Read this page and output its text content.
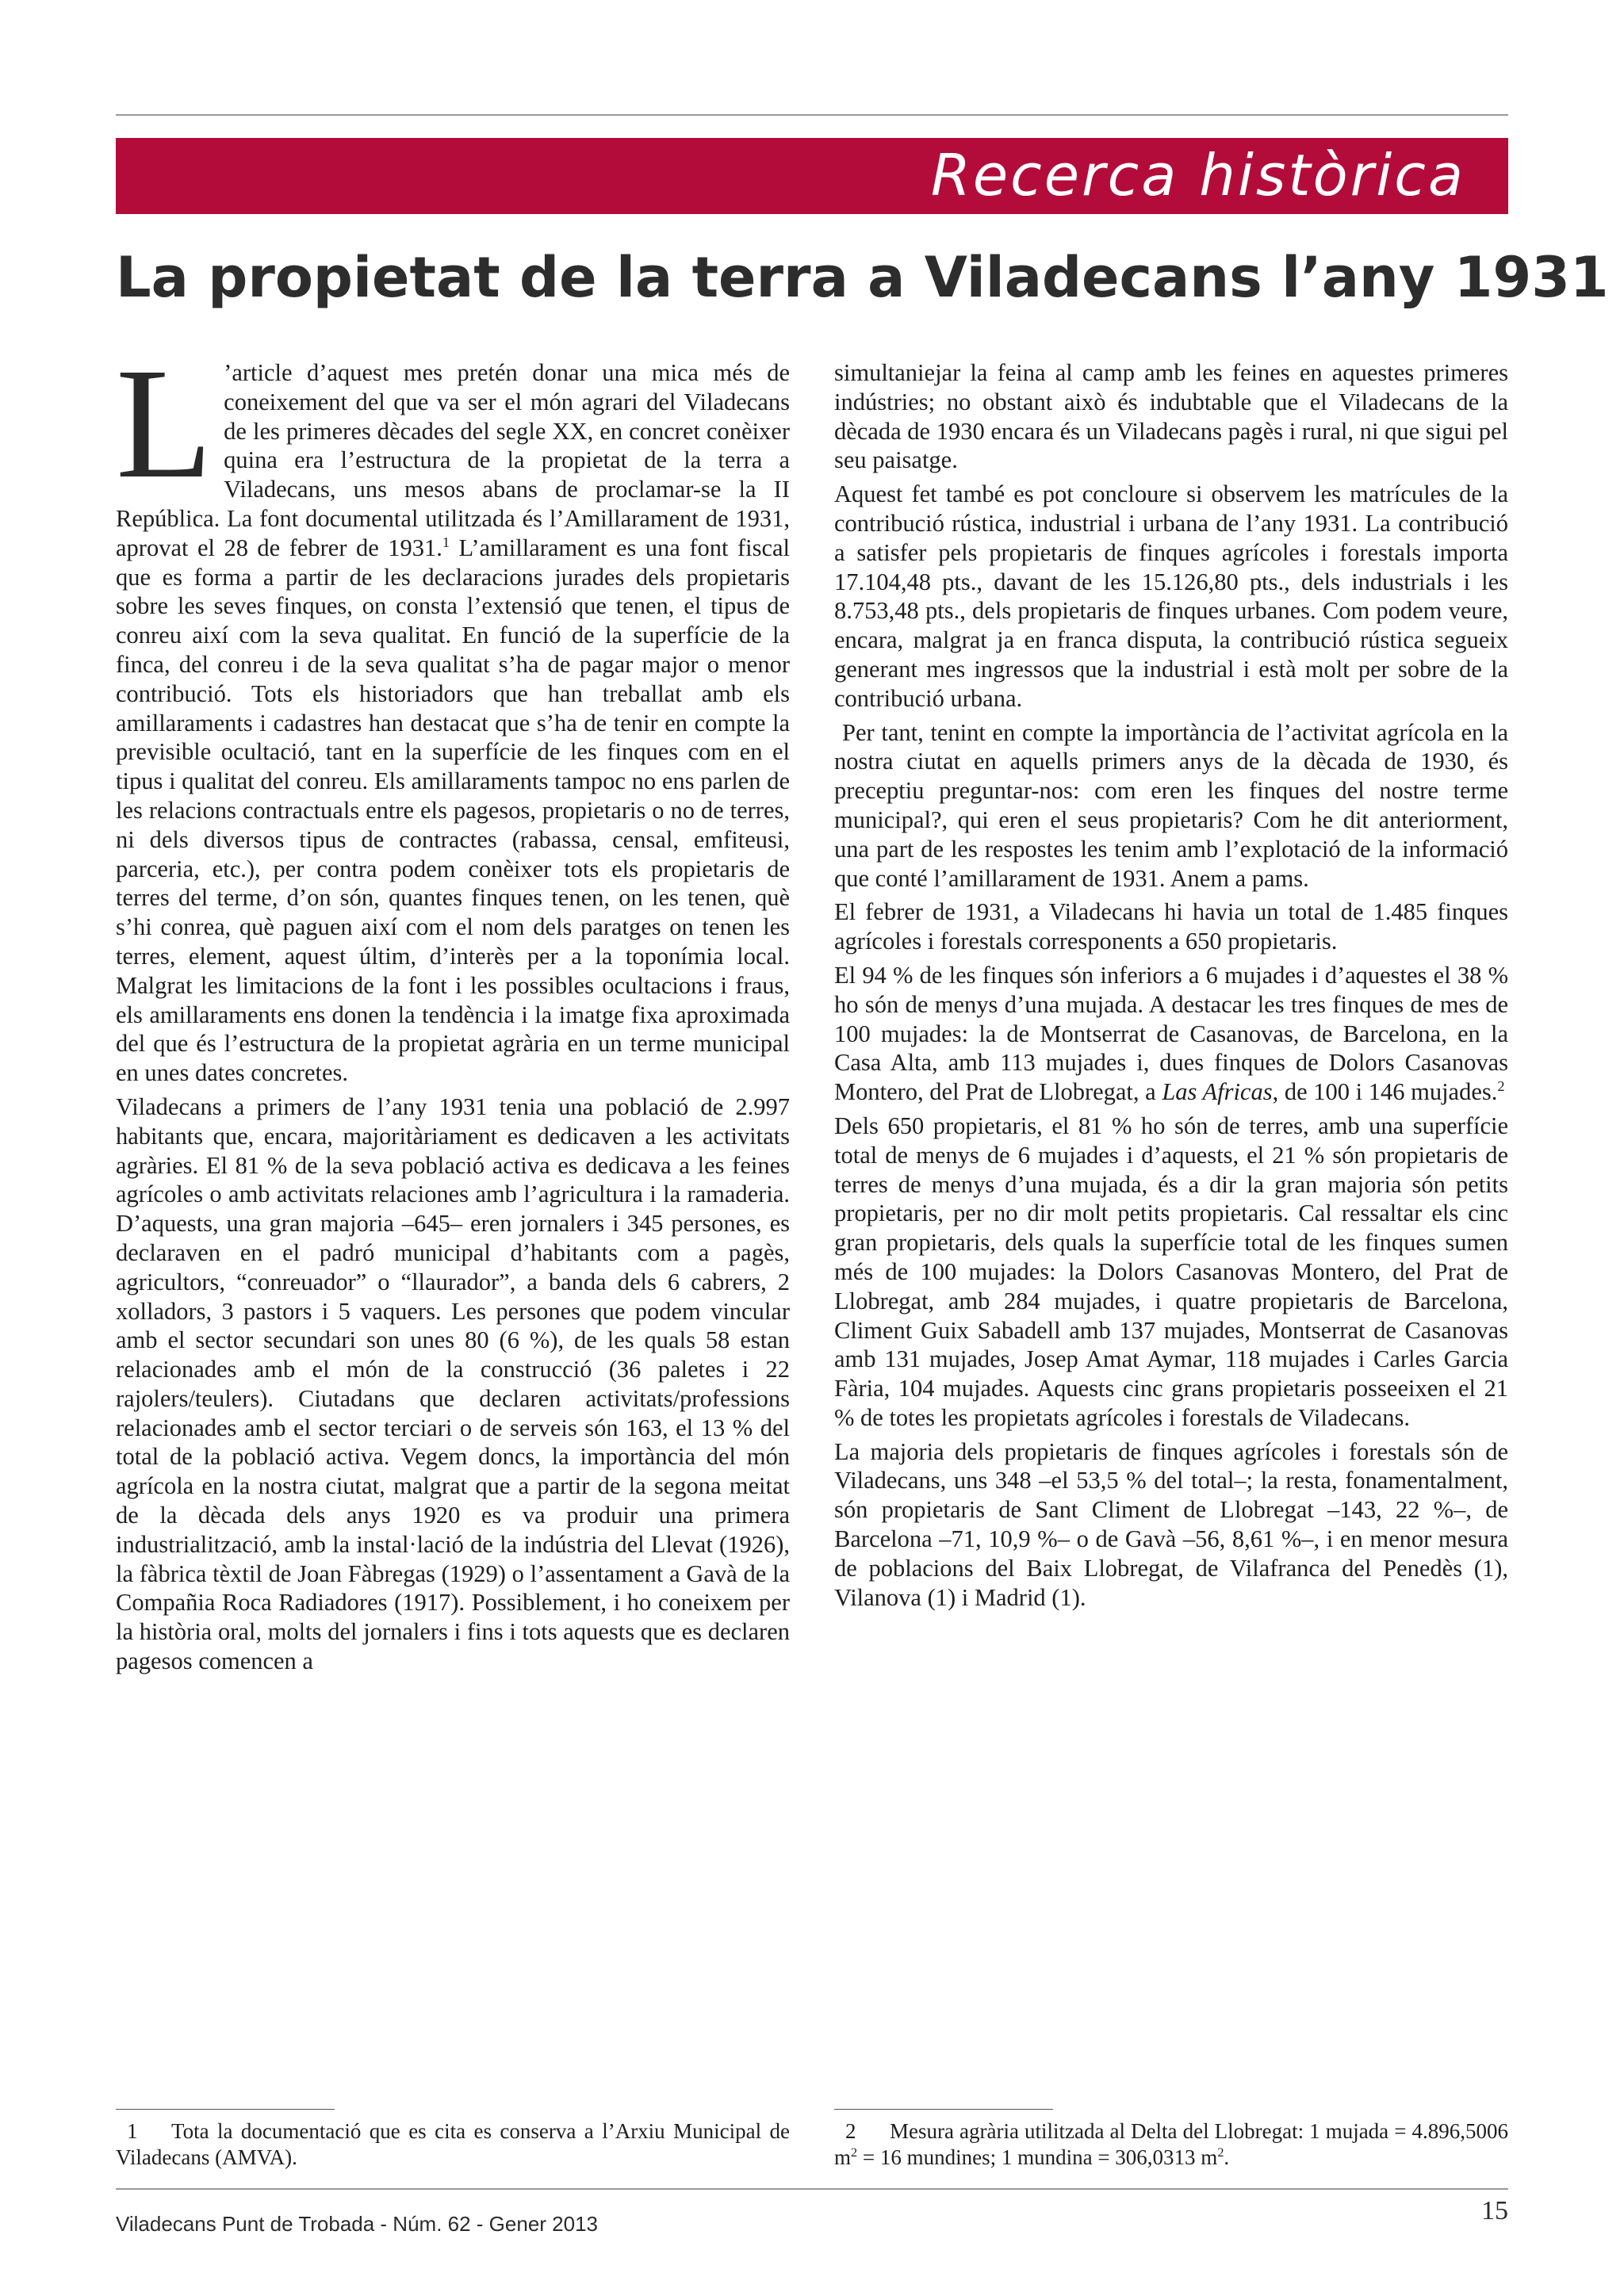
Recerca històrica
La propietat de la terra a Viladecans l’any 1931

L ’article d’aquest mes pretén donar una mica més de coneixement del que va ser el món agrari del Viladecans de les primeres dècades del segle XX, en concret conèixer quina era l’estructura de la propietat de la terra a Viladecans, uns mesos abans de proclamar-se la II República. La font documental utilitzada és l’Amillarament de 1931, aprovat el 28 de febrer de 1931.$^1$ L’amillarament es una font fiscal que es forma a partir de les declaracions jurades dels propietaris sobre les seves finques, on consta l’extensió que tenen, el tipus de conreu així com la seva qualitat. En funció de la superfície de la finca, del conreu i de la seva qualitat s’ha de pagar major o menor contribució. Tots els historiadors que han treballat amb els amillaraments i cadastres han destacat que s’ha de tenir en compte la previsible ocultació, tant en la superfície de les finques com en el tipus i qualitat del conreu. Els amillaraments tampoc no ens parlen de les relacions contractuals entre els pagesos, propietaris o no de terres, ni dels diversos tipus de contractes (rabassa, censal, emfiteusi, parceria, etc.), per contra podem conèixer tots els propietaris de terres del terme, d’on són, quantes finques tenen, on les tenen, què s’hi conrea, què paguen així com el nom dels paratges on tenen les terres, element, aquest últim, d’interès per a la toponímia local. Malgrat les limitacions de la font i les possibles ocultacions i fraus, els amillaraments ens donen la tendència i la imatge fixa aproximada del que és l’estructura de la propietat agrària en un terme municipal en unes dates concretes.

Viladecans a primers de l’any 1931 tenia una població de 2.997 habitants que, encara, majoritàriament es dedicaven a les activitats agràries. El 81 % de la seva població activa es dedicava a les feines agrícoles o amb activitats relaciones amb l’agricultura i la ramaderia. D’aquests, una gran majoria –645– eren jornalers i 345 persones, es declaraven en el padró municipal d’habitants com a pagès, agricultors, “conreuador” o “llaurador”, a banda dels 6 cabrers, 2 xolladors, 3 pastors i 5 vaquers. Les persones que podem vincular amb el sector secundari son unes 80 (6 %), de les quals 58 estan relacionades amb el món de la construcció (36 paletes i 22 rajolers/teulers). Ciutadans que declaren activitats/professions relacionades amb el sector terciari o de serveis són 163, el 13 % del total de la població activa. Vegem doncs, la importància del món agrícola en la nostra ciutat, malgrat que a partir de la segona meitat de la dècada dels anys 1920 es va produir una primera industrialització, amb la instal·lació de la indústria del Llevat (1926), la fàbrica tèxtil de Joan Fàbregas (1929) o l’assentament a Gavà de la Compañia Roca Radiadores (1917). Possiblement, i ho coneixem per la història oral, molts del jornalers i fins i tots aquests que es declaren pagesos comencen a

simultaniejar la feina al camp amb les feines en aquestes primeres indústries; no obstant això és indubtable que el Viladecans de la dècada de 1930 encara és un Viladecans pagès i rural, ni que sigui pel seu paisatge.

Aquest fet també es pot concloure si observem les matrícules de la contribució rústica, industrial i urbana de l’any 1931. La contribució a satisfer pels propietaris de finques agrícoles i forestals importa 17.104,48 pts., davant de les 15.126,80 pts., dels industrials i les 8.753,48 pts., dels propietaris de finques urbanes. Com podem veure, encara, malgrat ja en franca disputa, la contribució rústica segueix generant mes ingressos que la industrial i està molt per sobre de la contribució urbana.

Per tant, tenint en compte la importància de l’activitat agrícola en la nostra ciutat en aquells primers anys de la dècada de 1930, és preceptiu preguntar-nos: com eren les finques del nostre terme municipal?, qui eren el seus propietaris? Com he dit anteriorment, una part de les respostes les tenim amb l’explotació de la informació que conté l’amillarament de 1931. Anem a pams.

El febrer de 1931, a Viladecans hi havia un total de 1.485 finques agrícoles i forestals corresponents a 650 propietaris.

El 94 % de les finques són inferiors a 6 mujades i d’aquestes el 38 % ho són de menys d’una mujada. A destacar les tres finques de mes de 100 mujades: la de Montserrat de Casanovas, de Barcelona, en la Casa Alta, amb 113 mujades i, dues finques de Dolors Casanovas Montero, del Prat de Llobregat, a Las Africas, de 100 i 146 mujades.$^2$

Dels 650 propietaris, el 81 % ho són de terres, amb una superfície total de menys de 6 mujades i d’aquests, el 21 % són propietaris de terres de menys d’una mujada, és a dir la gran majoria són petits propietaris, per no dir molt petits propietaris. Cal ressaltar els cinc gran propietaris, dels quals la superfície total de les finques sumen més de 100 mujades: la Dolors Casanovas Montero, del Prat de Llobregat, amb 284 mujades, i quatre propietaris de Barcelona, Climent Guix Sabadell amb 137 mujades, Montserrat de Casanovas amb 131 mujades, Josep Amat Aymar, 118 mujades i Carles Garcia Fària, 104 mujades. Aquests cinc grans propietaris posseeixen el 21 % de totes les propietats agrícoles i forestals de Viladecans.

La majoria dels propietaris de finques agrícoles i forestals són de Viladecans, uns 348 –el 53,5 % del total–; la resta, fonamentalment, són propietaris de Sant Climent de Llobregat –143, 22 %–, de Barcelona –71, 10,9 %– o de Gavà –56, 8,61 %–, i en menor mesura de poblacions del Baix Llobregat, de Vilafranca del Penedès (1), Vilanova (1) i Madrid (1).

1 Tota la documentació que es cita es conserva a l’Arxiu Municipal de Viladecans (AMVA).
2 Mesura agrària utilitzada al Delta del Llobregat: 1 mujada = 4.896,5006 $m^2 = 16$ mundines; 1 mundina = 306,0313 $m^2$.
Viladecans Punt de Trobada - Núm. 62 - Gener 2013	15
